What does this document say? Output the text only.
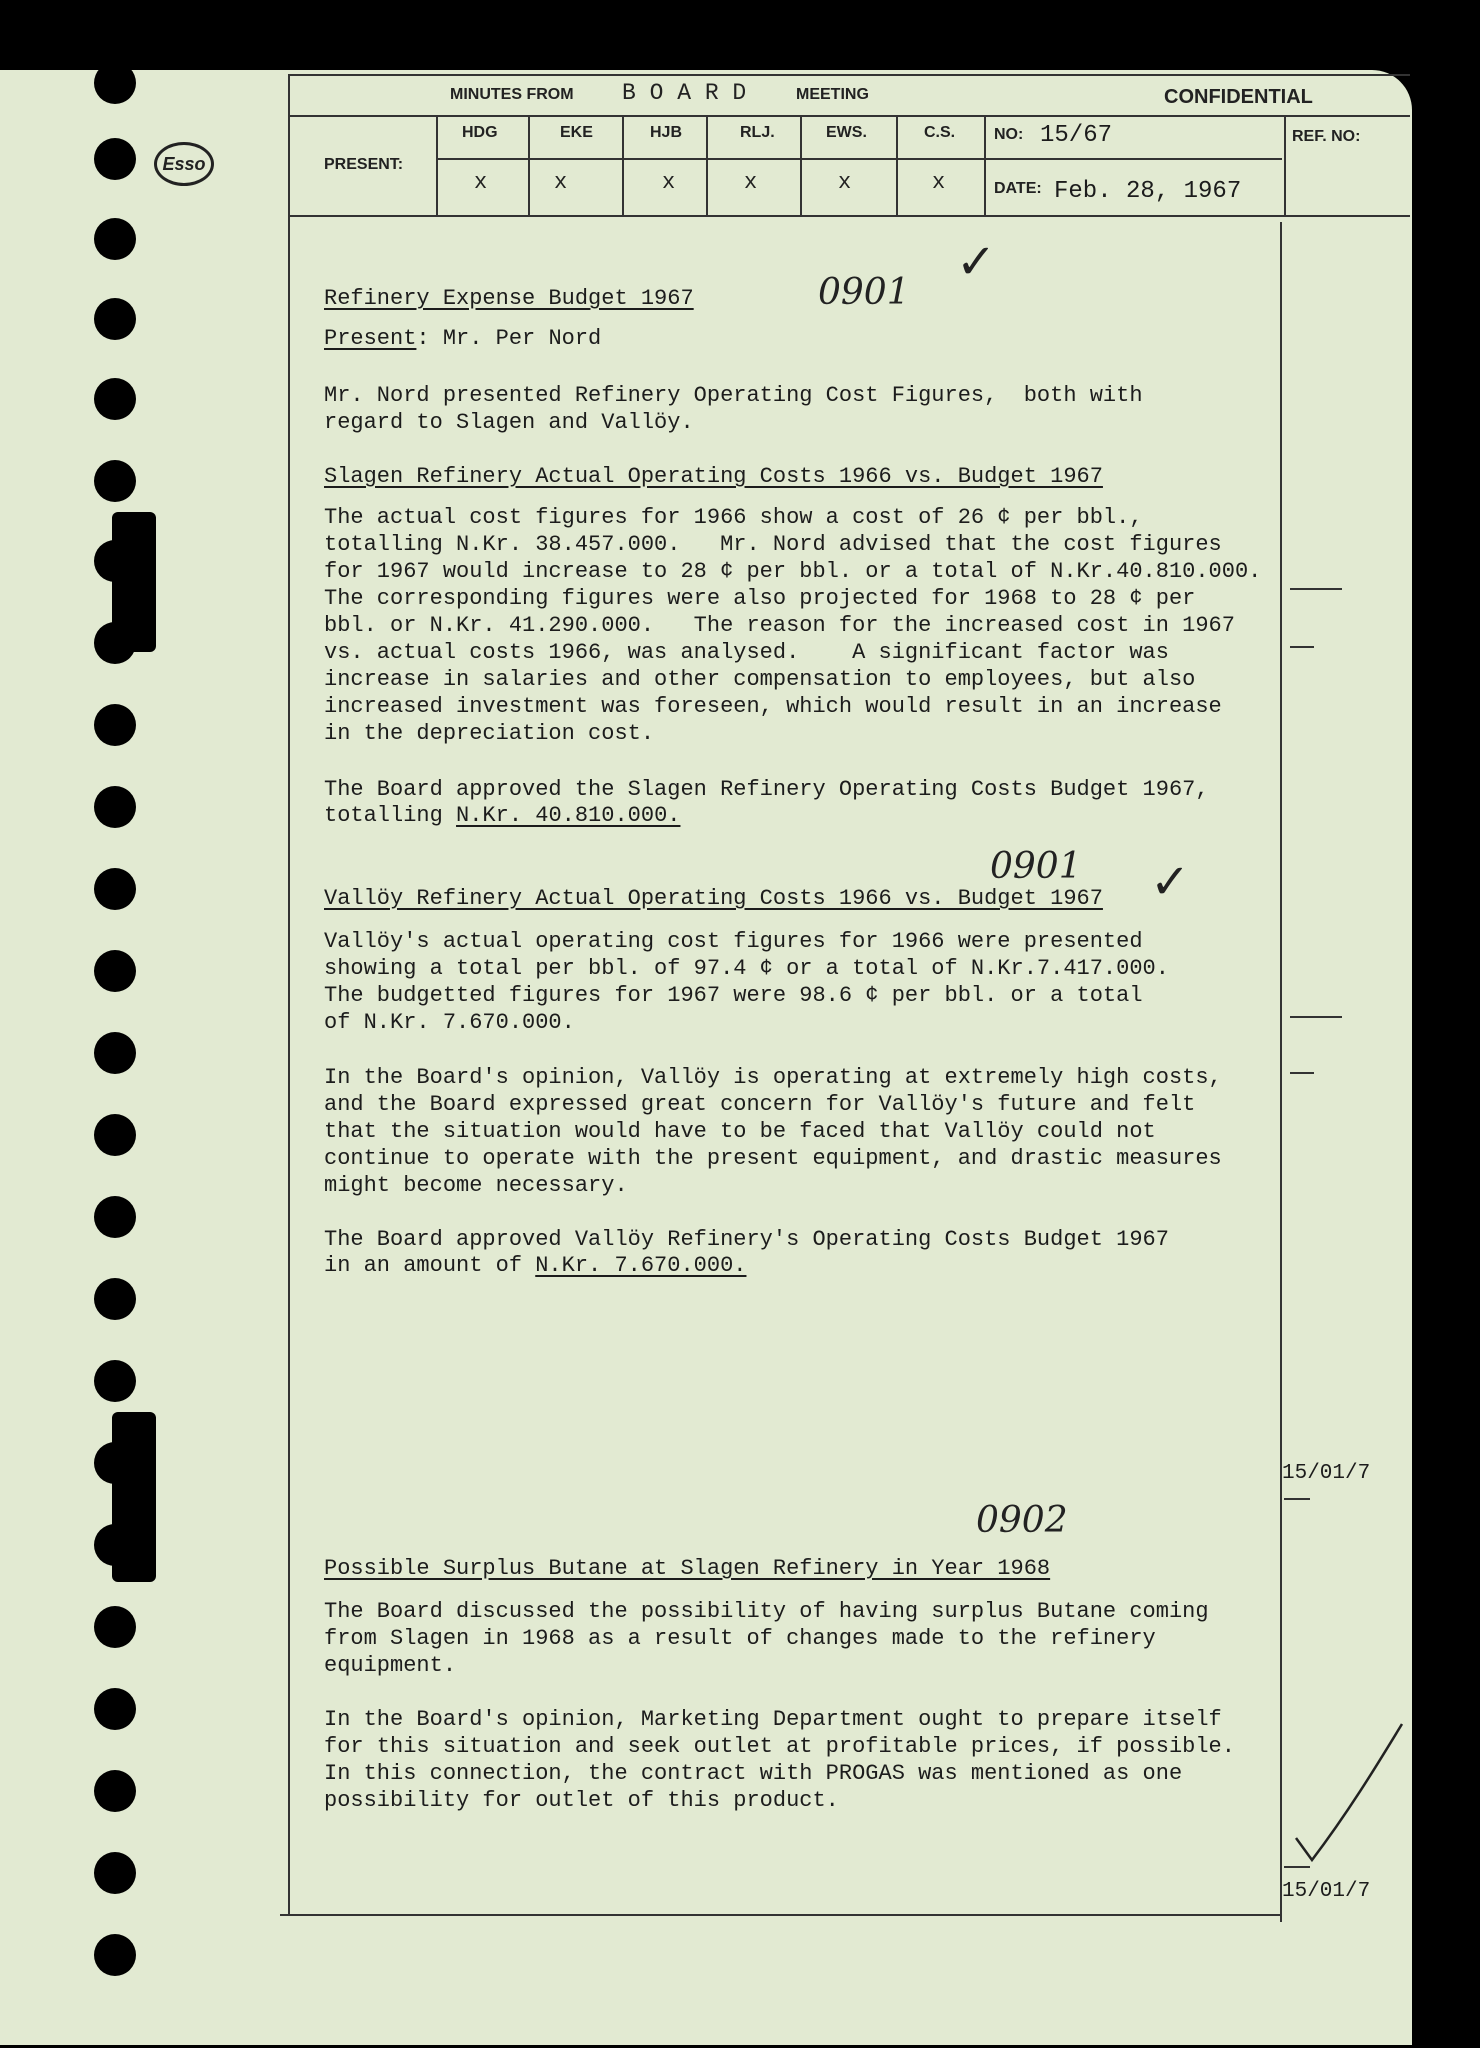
Esso
MINUTES FROM B O A R D	MEETING	CONFIDENTIAL
PRESENT:
HDG	EKE	HJB	RLJ.	EWS.	C.S.
x	x	x	x	x	x
NO: 15/67
DATE: Feb. 28, 1967
REF. NO:
0901
✓
0901 ✓
0902
Refinery Expense Budget 1967
Present: Mr. Per Nord
Mr. Nord presented Refinery Operating Cost Figures,  both with
regard to Slagen and Vallöy.
Slagen Refinery Actual Operating Costs 1966 vs. Budget 1967
The actual cost figures for 1966 show a cost of 26 ¢ per bbl.,
totalling N.Kr. 38.457.000.   Mr. Nord advised that the cost figures
for 1967 would increase to 28 ¢ per bbl. or a total of N.Kr.40.810.000.
The corresponding figures were also projected for 1968 to 28 ¢ per
bbl. or N.Kr. 41.290.000.   The reason for the increased cost in 1967
vs. actual costs 1966, was analysed.    A significant factor was
increase in salaries and other compensation to employees, but also
increased investment was foreseen, which would result in an increase
in the depreciation cost.
The Board approved the Slagen Refinery Operating Costs Budget 1967,
totalling N.Kr. 40.810.000.
Vallöy Refinery Actual Operating Costs 1966 vs. Budget 1967
Vallöy's actual operating cost figures for 1966 were presented
showing a total per bbl. of 97.4 ¢ or a total of N.Kr.7.417.000.
The budgetted figures for 1967 were 98.6 ¢ per bbl. or a total
of N.Kr. 7.670.000.
In the Board's opinion, Vallöy is operating at extremely high costs,
and the Board expressed great concern for Vallöy's future and felt
that the situation would have to be faced that Vallöy could not
continue to operate with the present equipment, and drastic measures
might become necessary.
The Board approved Vallöy Refinery's Operating Costs Budget 1967
in an amount of N.Kr. 7.670.000.
Possible Surplus Butane at Slagen Refinery in Year 1968
The Board discussed the possibility of having surplus Butane coming
from Slagen in 1968 as a result of changes made to the refinery
equipment.
In the Board's opinion, Marketing Department ought to prepare itself
for this situation and seek outlet at profitable prices, if possible.
In this connection, the contract with PROGAS was mentioned as one
possibility for outlet of this product.
15/01/7
15/01/7
